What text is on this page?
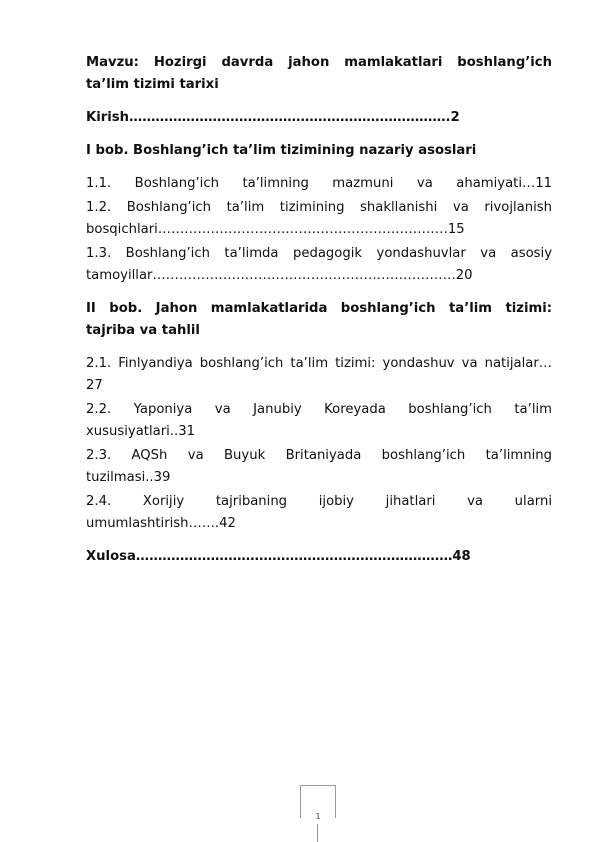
Mavzu: Hozirgi davrda jahon mamlakatlari boshlang’ich

ta’lim tizimi tarixi

Kirish……………………………………………………………….2

I bob. Boshlang’ich ta’lim tizimining nazariy asoslari

1.1. Boshlang’ich ta’limning mazmuni va ahamiyati…11

1.2. Boshlang’ich ta’lim tizimining shakllanishi va rivojlanish

bosqichlari…………………………………………………………15

1.3. Boshlang’ich ta’limda pedagogik yondashuvlar va asosiy

tamoyillar……………………………………………………………20

II bob. Jahon mamlakatlarida boshlang’ich ta’lim tizimi:

tajriba va tahlil

2.1. Finlyandiya boshlang’ich ta’lim tizimi: yondashuv va natijalar…

27

2.2. Yaponiya va Janubiy Koreyada boshlang’ich ta’lim

xususiyatlari..31

2.3. AQSh va Buyuk Britaniyada boshlang’ich ta’limning

tuzilmasi..39

2.4. Xorijiy tajribaning ijobiy jihatlari va ularni

umumlashtirish…….42

Xulosa………………………………………………………………48

1
